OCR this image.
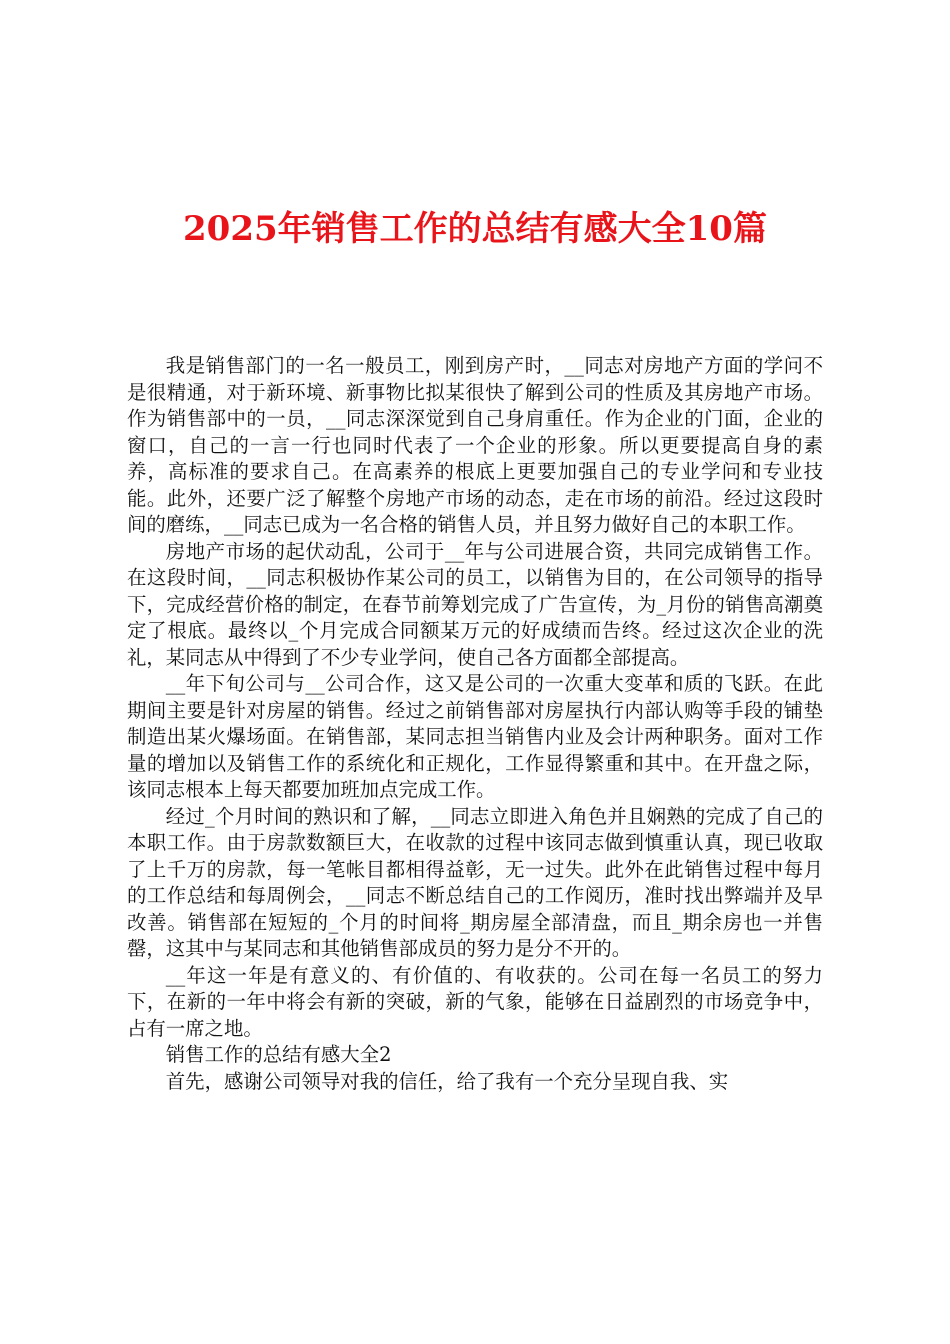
2025年销售工作的总结有感大全10篇

我是销售部门的一名一般员工，刚到房产时，__同志对房地产方面的学问不是很精通，对于新环境、新事物比拟某很快了解到公司的性质及其房地产市场。作为销售部中的一员，__同志深深觉到自己身肩重任。作为企业的门面，企业的窗口，自己的一言一行也同时代表了一个企业的形象。所以更要提高自身的素养，高标准的要求自己。在高素养的根底上更要加强自己的专业学问和专业技能。此外，还要广泛了解整个房地产市场的动态，走在市场的前沿。经过这段时间的磨练，__同志已成为一名合格的销售人员，并且努力做好自己的本职工作。

房地产市场的起伏动乱，公司于__年与公司进展合资，共同完成销售工作。在这段时间，__同志积极协作某公司的员工，以销售为目的，在公司领导的指导下，完成经营价格的制定，在春节前筹划完成了广告宣传，为_月份的销售高潮奠定了根底。最终以_个月完成合同额某万元的好成绩而告终。经过这次企业的洗礼，某同志从中得到了不少专业学问，使自己各方面都全部提高。

__年下旬公司与__公司合作，这又是公司的一次重大变革和质的飞跃。在此期间主要是针对房屋的销售。经过之前销售部对房屋执行内部认购等手段的铺垫制造出某火爆场面。在销售部，某同志担当销售内业及会计两种职务。面对工作量的增加以及销售工作的系统化和正规化，工作显得繁重和其中。在开盘之际，该同志根本上每天都要加班加点完成工作。

经过_个月时间的熟识和了解，__同志立即进入角色并且娴熟的完成了自己的本职工作。由于房款数额巨大，在收款的过程中该同志做到慎重认真，现已收取了上千万的房款，每一笔帐目都相得益彰，无一过失。此外在此销售过程中每月的工作总结和每周例会，__同志不断总结自己的工作阅历，准时找出弊端并及早改善。销售部在短短的_个月的时间将_期房屋全部清盘，而且_期余房也一并售罄，这其中与某同志和其他销售部成员的努力是分不开的。

__年这一年是有意义的、有价值的、有收获的。公司在每一名员工的努力下，在新的一年中将会有新的突破，新的气象，能够在日益剧烈的市场竞争中，占有一席之地。

销售工作的总结有感大全2

首先，感谢公司领导对我的信任，给了我有一个充分呈现自我、实
